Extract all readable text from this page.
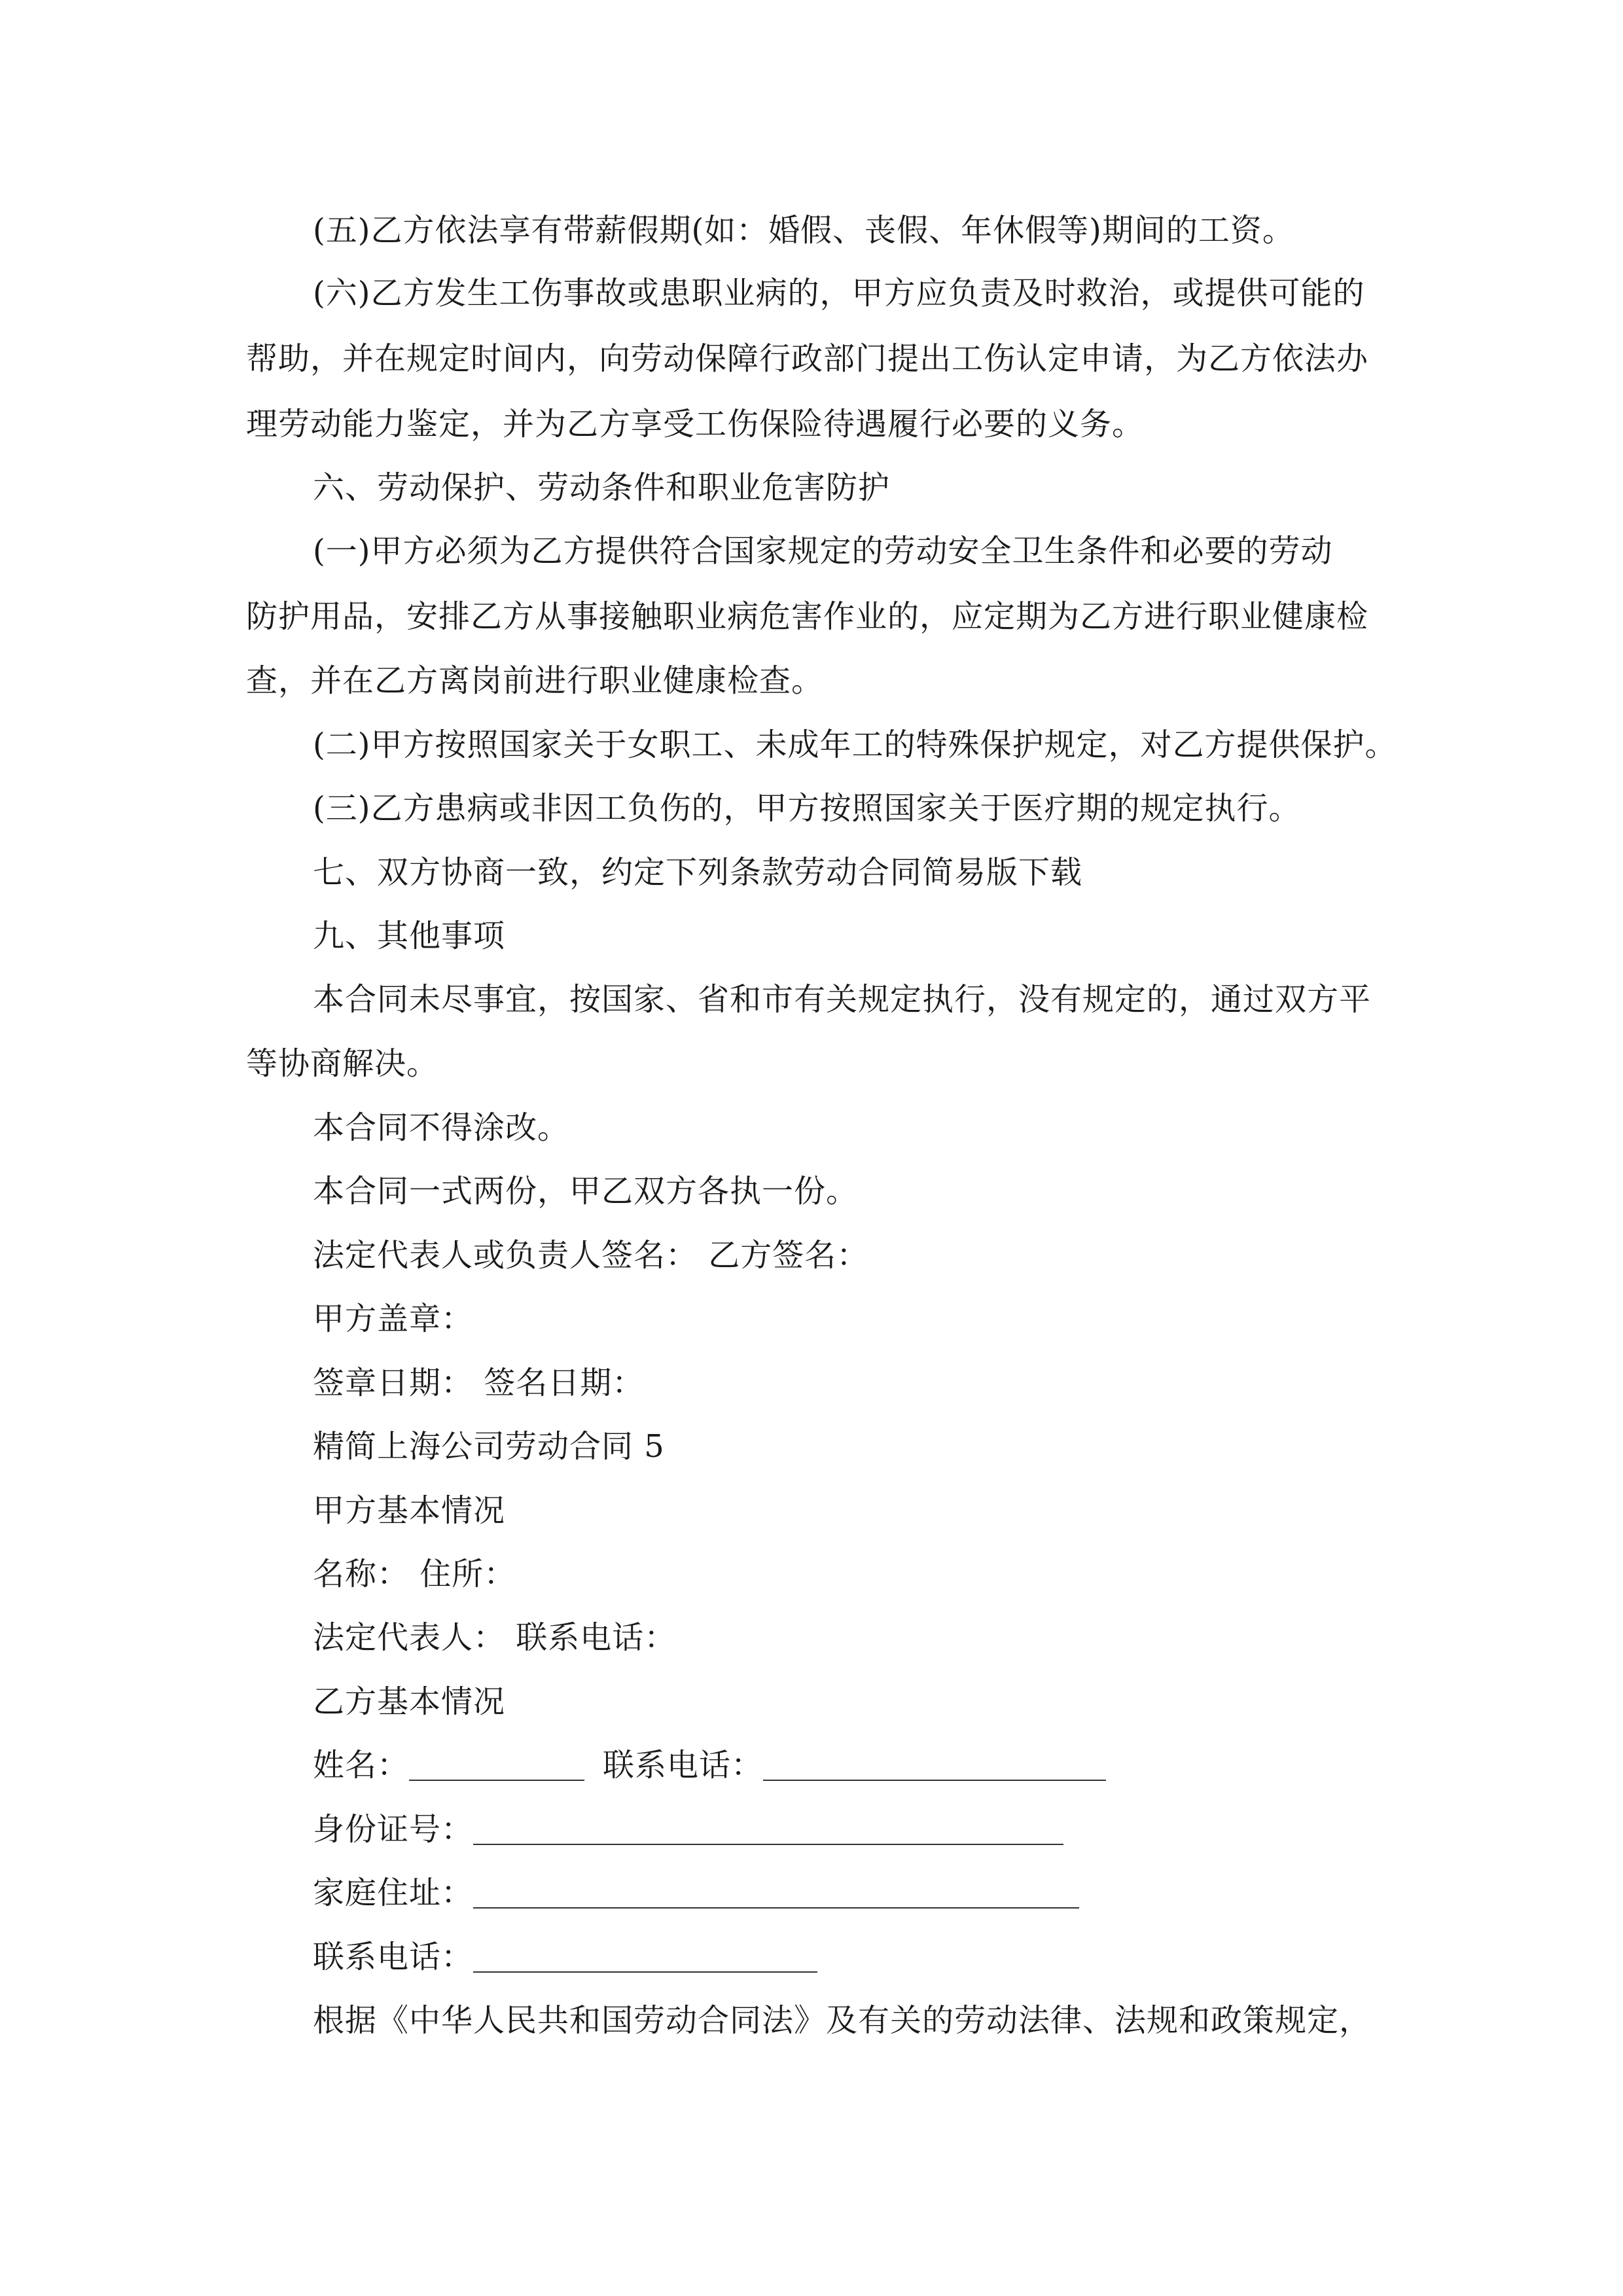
(五)乙方依法享有带薪假期(如：婚假、丧假、年休假等)期间的工资。
(六)乙方发生工伤事故或患职业病的，甲方应负责及时救治，或提供可能的
帮助，并在规定时间内，向劳动保障行政部门提出工伤认定申请，为乙方依法办
理劳动能力鉴定，并为乙方享受工伤保险待遇履行必要的义务。
六、劳动保护、劳动条件和职业危害防护
(一)甲方必须为乙方提供符合国家规定的劳动安全卫生条件和必要的劳动
防护用品，安排乙方从事接触职业病危害作业的，应定期为乙方进行职业健康检
查，并在乙方离岗前进行职业健康检查。
(二)甲方按照国家关于女职工、未成年工的特殊保护规定，对乙方提供保护。
(三)乙方患病或非因工负伤的，甲方按照国家关于医疗期的规定执行。
七、双方协商一致，约定下列条款劳动合同简易版下载
九、其他事项
本合同未尽事宜，按国家、省和市有关规定执行，没有规定的，通过双方平
等协商解决。
本合同不得涂改。
本合同一式两份，甲乙双方各执一份。
法定代表人或负责人签名： 乙方签名：
甲方盖章：
签章日期： 签名日期：
精简上海公司劳动合同 5
甲方基本情况
名称： 住所：
法定代表人： 联系电话：
乙方基本情况
姓名：	联系电话：
身份证号：
家庭住址：
联系电话：
根据《中华人民共和国劳动合同法》及有关的劳动法律、法规和政策规定，
